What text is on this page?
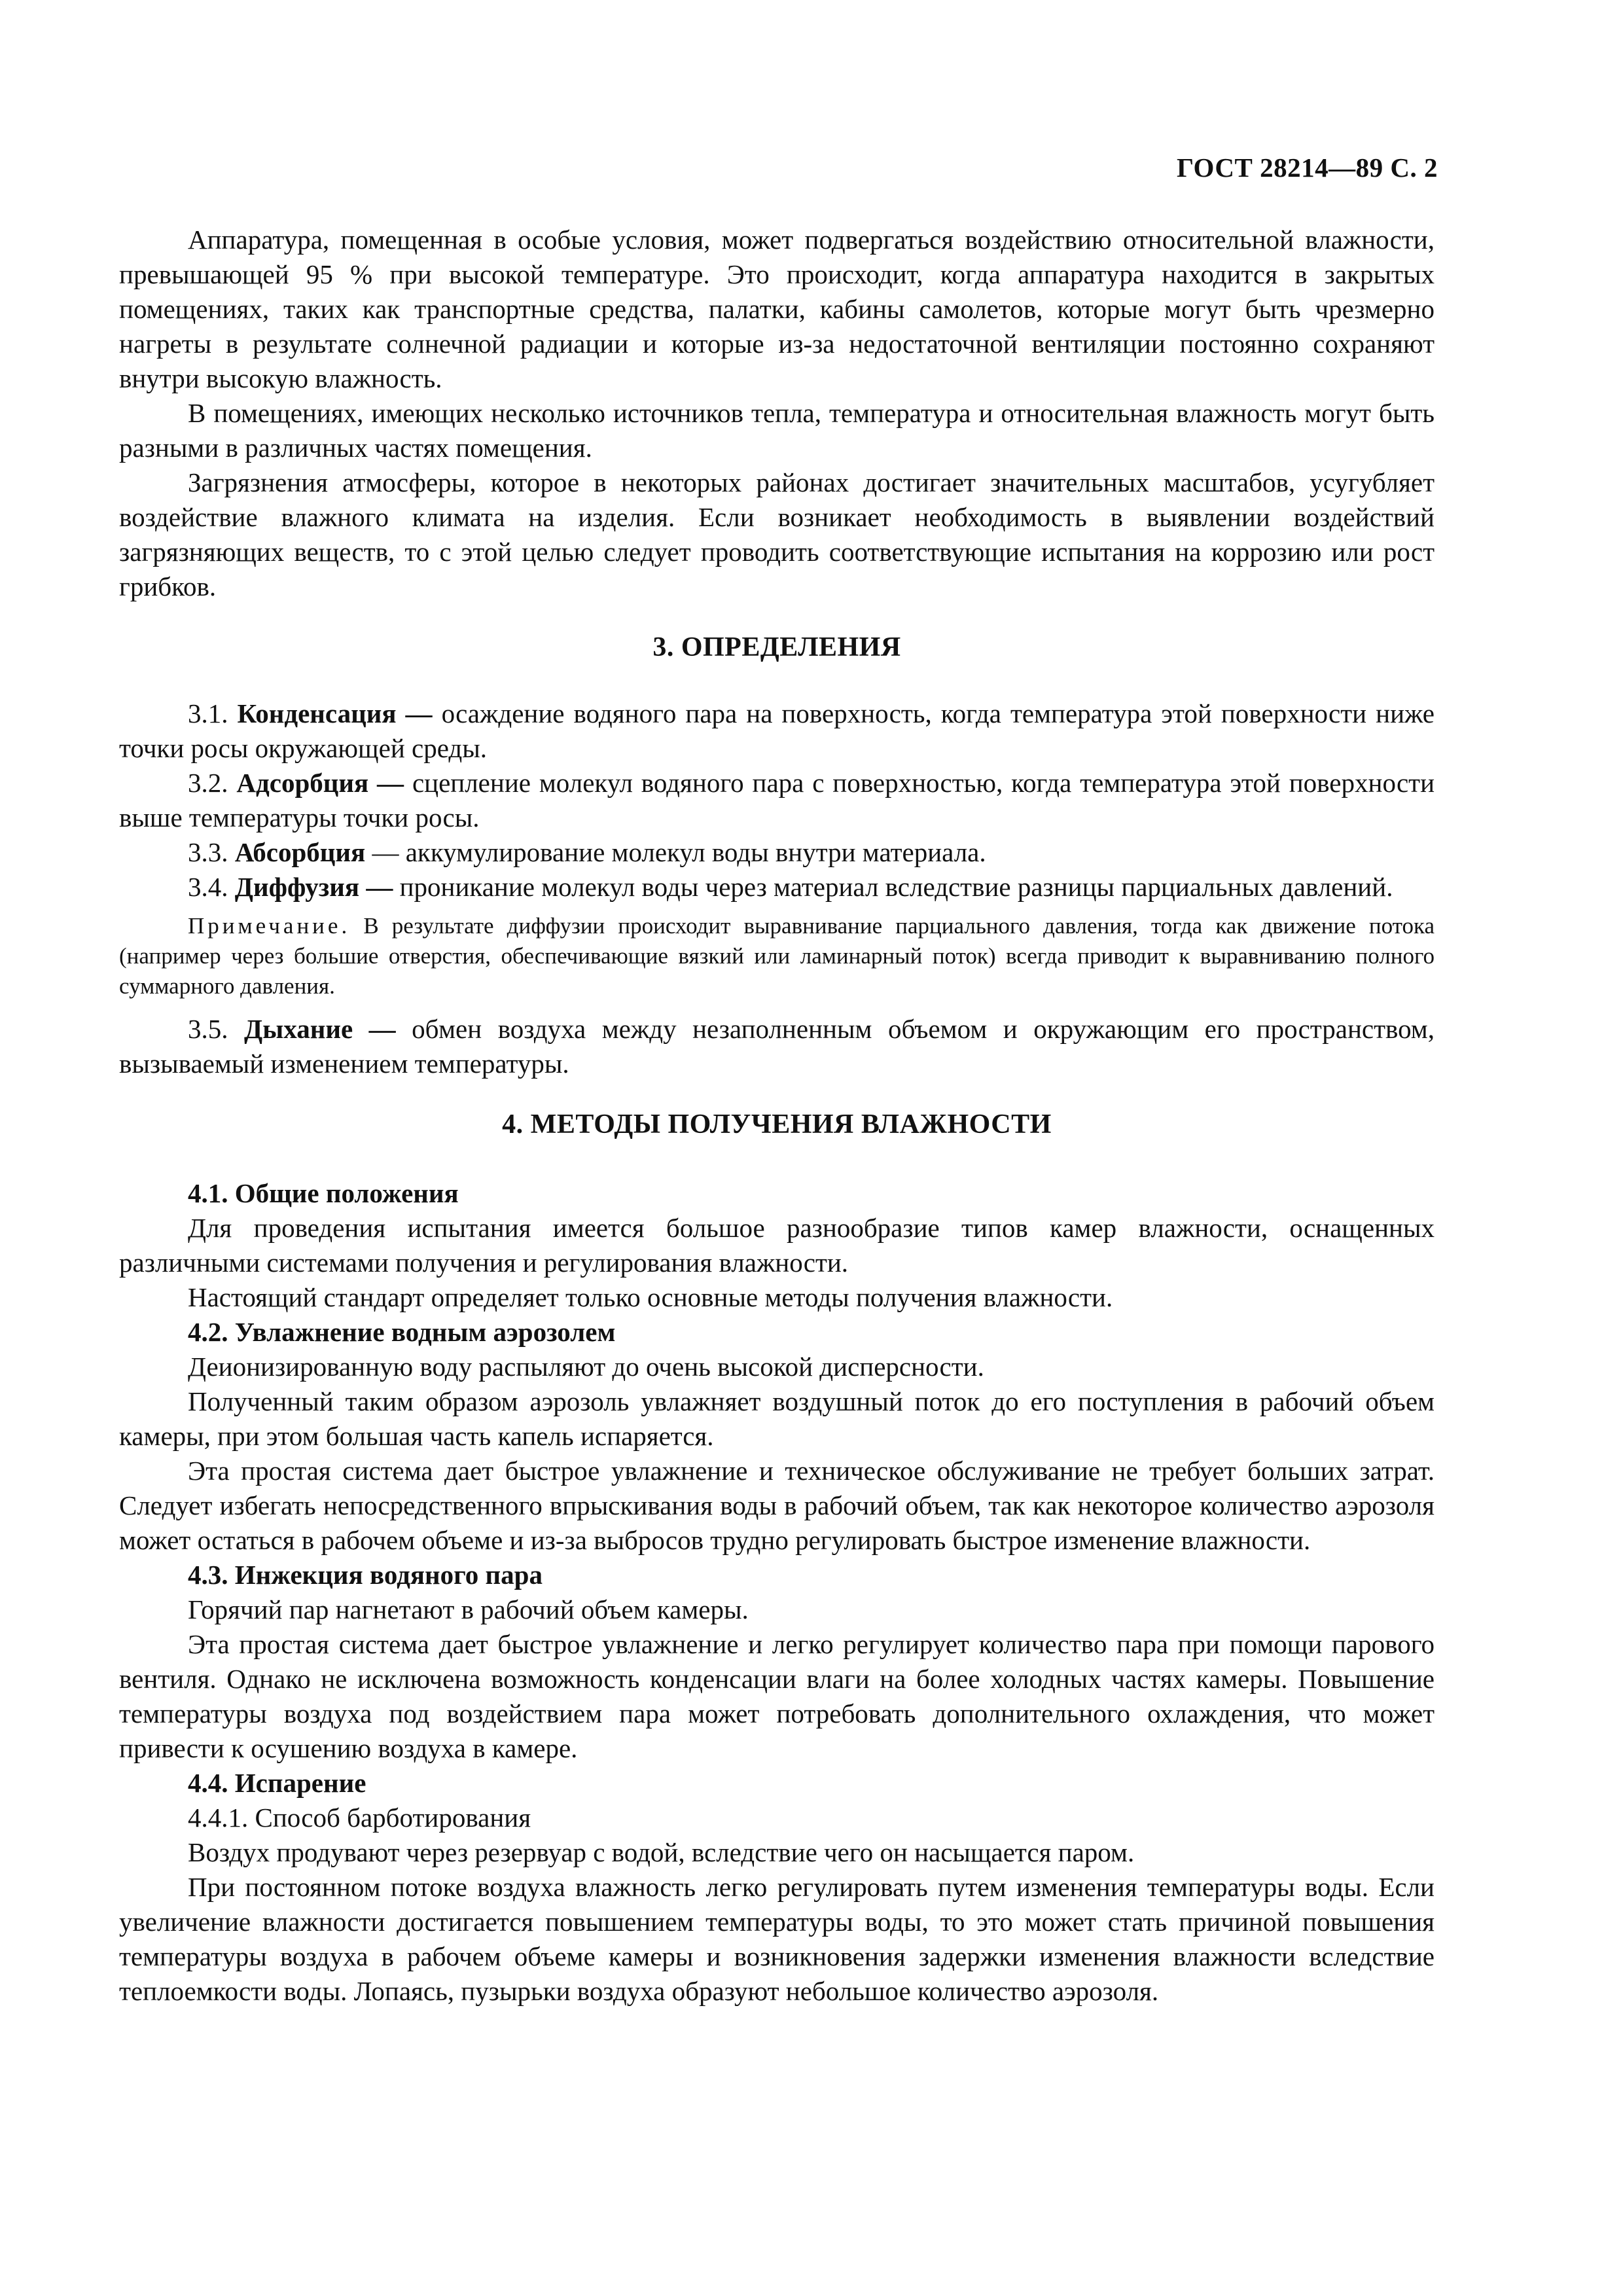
ГОСТ 28214—89 С. 2

Аппаратура, помещенная в особые условия, может подвергаться воздействию относительной влажности, превышающей 95 % при высокой температуре. Это происходит, когда аппаратура находится в закрытых помещениях, таких как транспортные средства, палатки, кабины самолетов, которые могут быть чрезмерно нагреты в результате солнечной радиации и которые из-за недостаточной вентиляции постоянно сохраняют внутри высокую влажность.

В помещениях, имеющих несколько источников тепла, температура и относительная влажность могут быть разными в различных частях помещения.

Загрязнения атмосферы, которое в некоторых районах достигает значительных масштабов, усугубляет воздействие влажного климата на изделия. Если возникает необходимость в выявлении воздействий загрязняющих веществ, то с этой целью следует проводить соответствующие испытания на коррозию или рост грибков.

3. ОПРЕДЕЛЕНИЯ

3.1. Конденсация — осаждение водяного пара на поверхность, когда температура этой поверхности ниже точки росы окружающей среды.

3.2. Адсорбция — сцепление молекул водяного пара с поверхностью, когда температура этой поверхности выше температуры точки росы.

3.3. Абсорбция — аккумулирование молекул воды внутри материала.

3.4. Диффузия — проникание молекул воды через материал вследствие разницы парциальных давлений.

Примечание. В результате диффузии происходит выравнивание парциального давления, тогда как движение потока (например через большие отверстия, обеспечивающие вязкий или ламинарный поток) всегда приводит к выравниванию полного суммарного давления.

3.5. Дыхание — обмен воздуха между незаполненным объемом и окружающим его пространством, вызываемый изменением температуры.

4. МЕТОДЫ ПОЛУЧЕНИЯ ВЛАЖНОСТИ

4.1. Общие положения

Для проведения испытания имеется большое разнообразие типов камер влажности, оснащенных различными системами получения и регулирования влажности.

Настоящий стандарт определяет только основные методы получения влажности.

4.2. Увлажнение водным аэрозолем

Деионизированную воду распыляют до очень высокой дисперсности.

Полученный таким образом аэрозоль увлажняет воздушный поток до его поступления в рабочий объем камеры, при этом большая часть капель испаряется.

Эта простая система дает быстрое увлажнение и техническое обслуживание не требует больших затрат. Следует избегать непосредственного впрыскивания воды в рабочий объем, так как некоторое количество аэрозоля может остаться в рабочем объеме и из-за выбросов трудно регулировать быстрое изменение влажности.

4.3. Инжекция водяного пара

Горячий пар нагнетают в рабочий объем камеры.

Эта простая система дает быстрое увлажнение и легко регулирует количество пара при помощи парового вентиля. Однако не исключена возможность конденсации влаги на более холодных частях камеры. Повышение температуры воздуха под воздействием пара может потребовать дополнительного охлаждения, что может привести к осушению воздуха в камере.

4.4. Испарение

4.4.1. Способ барботирования

Воздух продувают через резервуар с водой, вследствие чего он насыщается паром.

При постоянном потоке воздуха влажность легко регулировать путем изменения температуры воды. Если увеличение влажности достигается повышением температуры воды, то это может стать причиной повышения температуры воздуха в рабочем объеме камеры и возникновения задержки изменения влажности вследствие теплоемкости воды. Лопаясь, пузырьки воздуха образуют небольшое количество аэрозоля.
